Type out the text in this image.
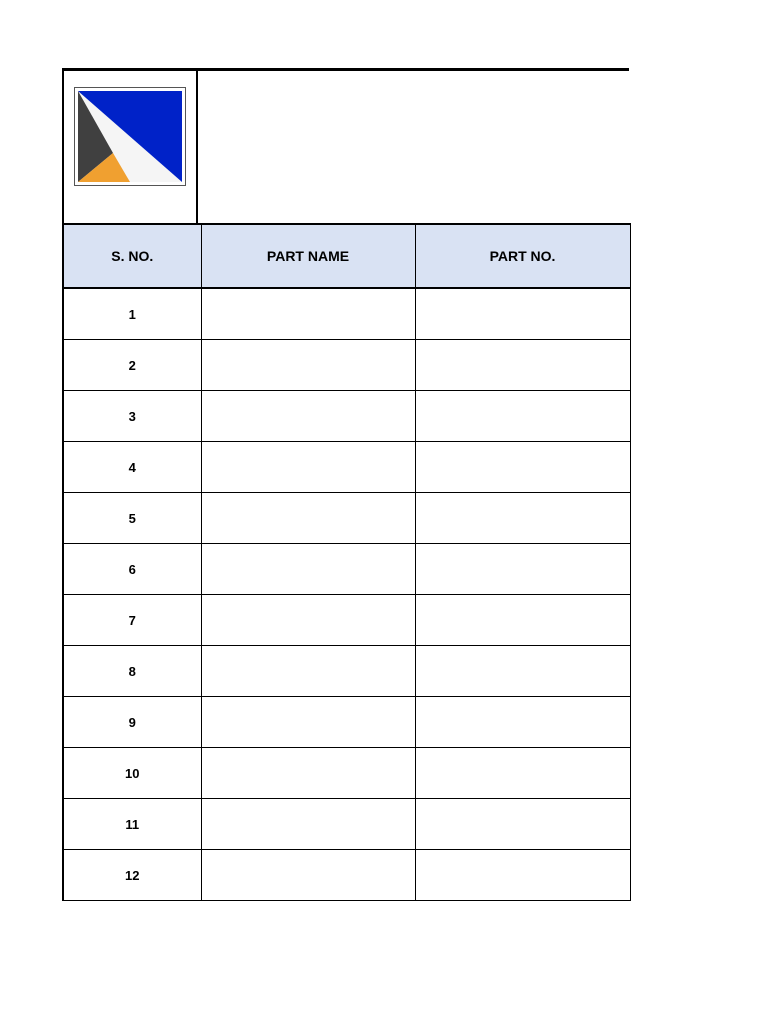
S. NO.	PART NAME	PART NO.
1		
2		
3		
4		
5		
6		
7		
8		
9		
10		
11		
12		
